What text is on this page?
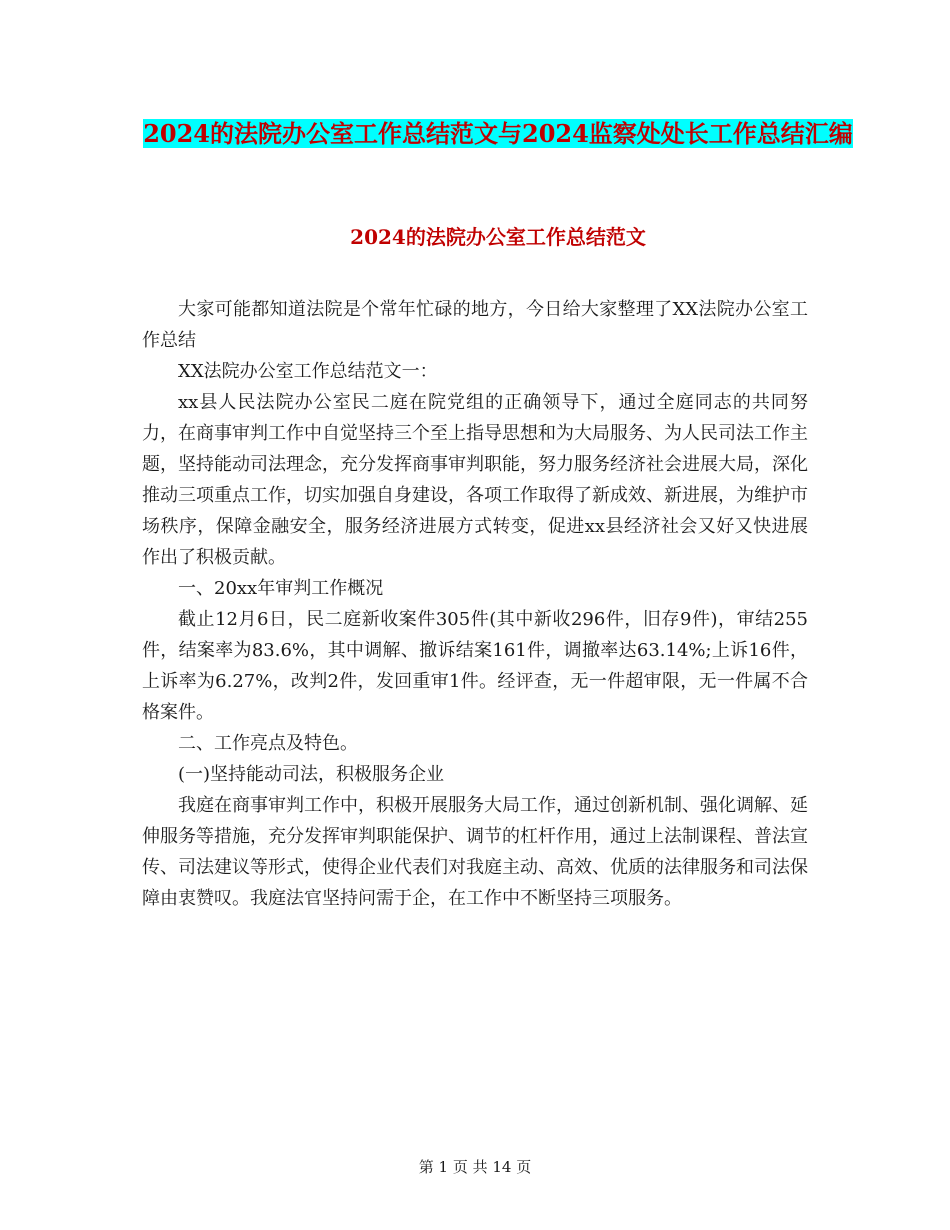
2024的法院办公室工作总结范文与2024监察处处长工作总结汇编
2024的法院办公室工作总结范文

大家可能都知道法院是个常年忙碌的地方，今日给大家整理了XX法院办公室工作总结

XX法院办公室工作总结范文一：

xx县人民法院办公室民二庭在院党组的正确领导下，通过全庭同志的共同努力，在商事审判工作中自觉坚持三个至上指导思想和为大局服务、为人民司法工作主题，坚持能动司法理念，充分发挥商事审判职能，努力服务经济社会进展大局，深化推动三项重点工作，切实加强自身建设，各项工作取得了新成效、新进展，为维护市场秩序，保障金融安全，服务经济进展方式转变，促进xx县经济社会又好又快进展作出了积极贡献。

一、20xx年审判工作概况

截止12月6日，民二庭新收案件305件(其中新收296件，旧存9件)，审结255件，结案率为83.6%，其中调解、撤诉结案161件，调撤率达63.14%;上诉16件，上诉率为6.27%，改判2件，发回重审1件。经评查，无一件超审限，无一件属不合格案件。

二、工作亮点及特色。

(一)坚持能动司法，积极服务企业

我庭在商事审判工作中，积极开展服务大局工作，通过创新机制、强化调解、延伸服务等措施，充分发挥审判职能保护、调节的杠杆作用，通过上法制课程、普法宣传、司法建议等形式，使得企业代表们对我庭主动、高效、优质的法律服务和司法保障由衷赞叹。我庭法官坚持问需于企，在工作中不断坚持三项服务。

第 1 页 共 14 页
